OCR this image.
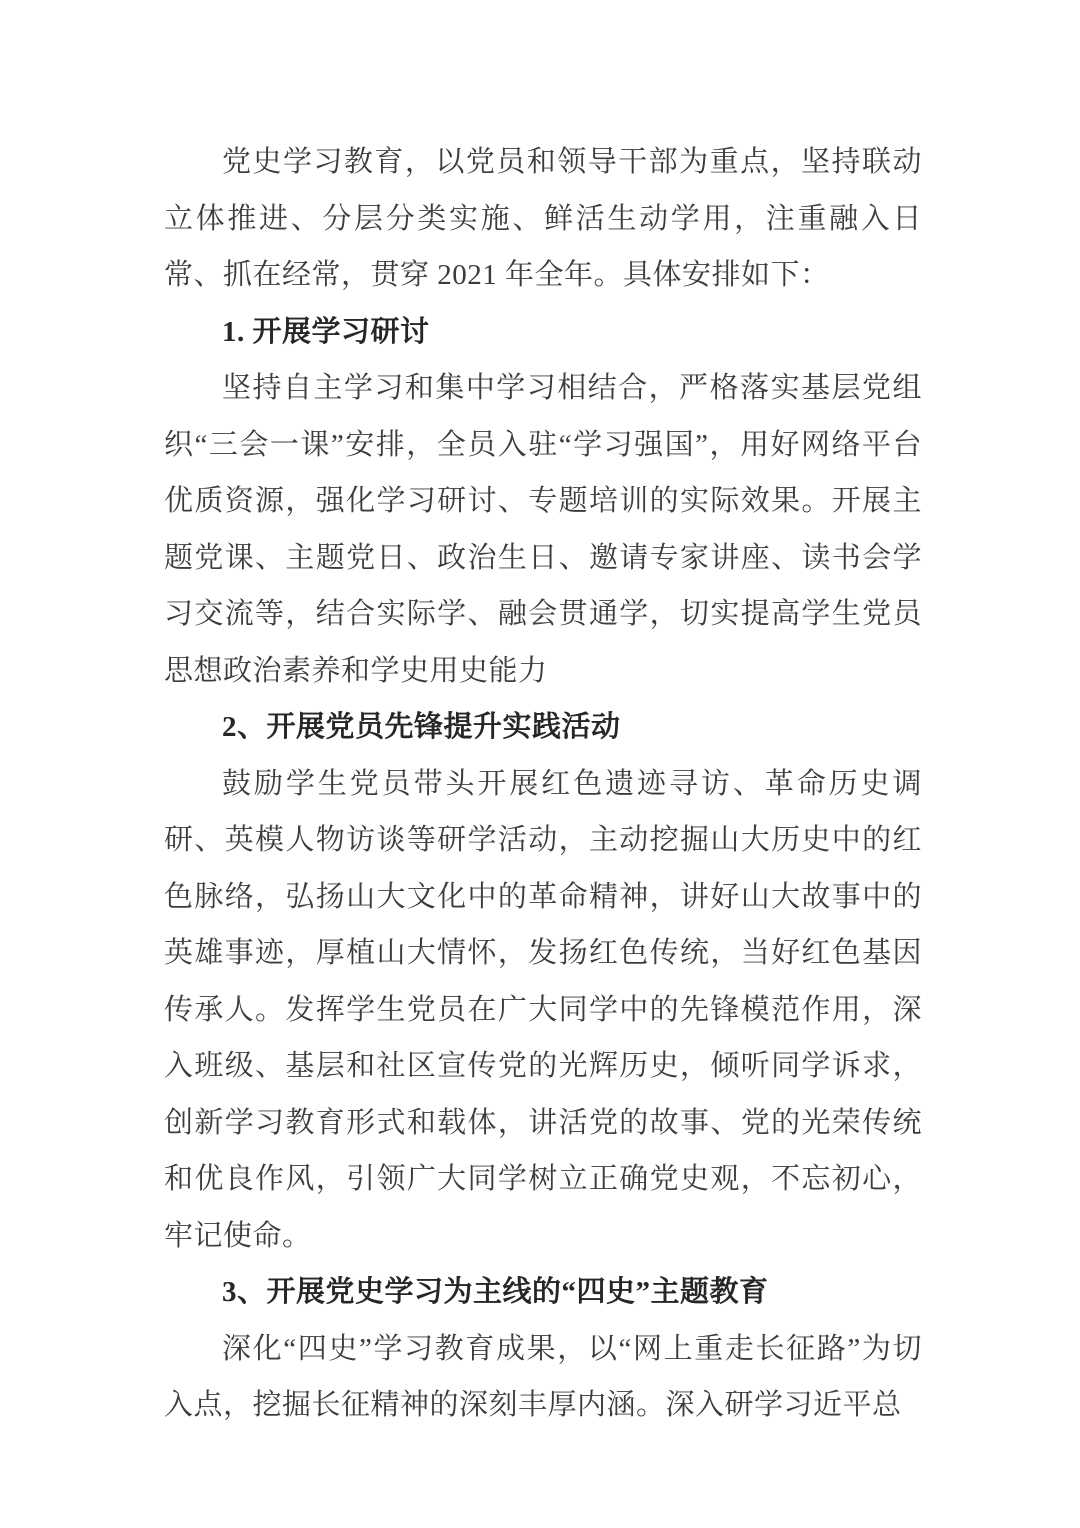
党史学习教育，以党员和领导干部为重点，坚持联动立体推进、分层分类实施、鲜活生动学用，注重融入日常、抓在经常，贯穿 2021 年全年。具体安排如下：

1. 开展学习研讨

坚持自主学习和集中学习相结合，严格落实基层党组织“三会一课”安排，全员入驻“学习强国”，用好网络平台优质资源，强化学习研讨、专题培训的实际效果。开展主题党课、主题党日、政治生日、邀请专家讲座、读书会学习交流等，结合实际学、融会贯通学，切实提高学生党员思想政治素养和学史用史能力

2、开展党员先锋提升实践活动

鼓励学生党员带头开展红色遗迹寻访、革命历史调研、英模人物访谈等研学活动，主动挖掘山大历史中的红色脉络，弘扬山大文化中的革命精神，讲好山大故事中的英雄事迹，厚植山大情怀，发扬红色传统，当好红色基因传承人。发挥学生党员在广大同学中的先锋模范作用，深入班级、基层和社区宣传党的光辉历史，倾听同学诉求，创新学习教育形式和载体，讲活党的故事、党的光荣传统和优良作风，引领广大同学树立正确党史观，不忘初心，牢记使命。

3、开展党史学习为主线的“四史”主题教育

深化“四史”学习教育成果，以“网上重走长征路”为切入点，挖掘长征精神的深刻丰厚内涵。深入研学习近平总
